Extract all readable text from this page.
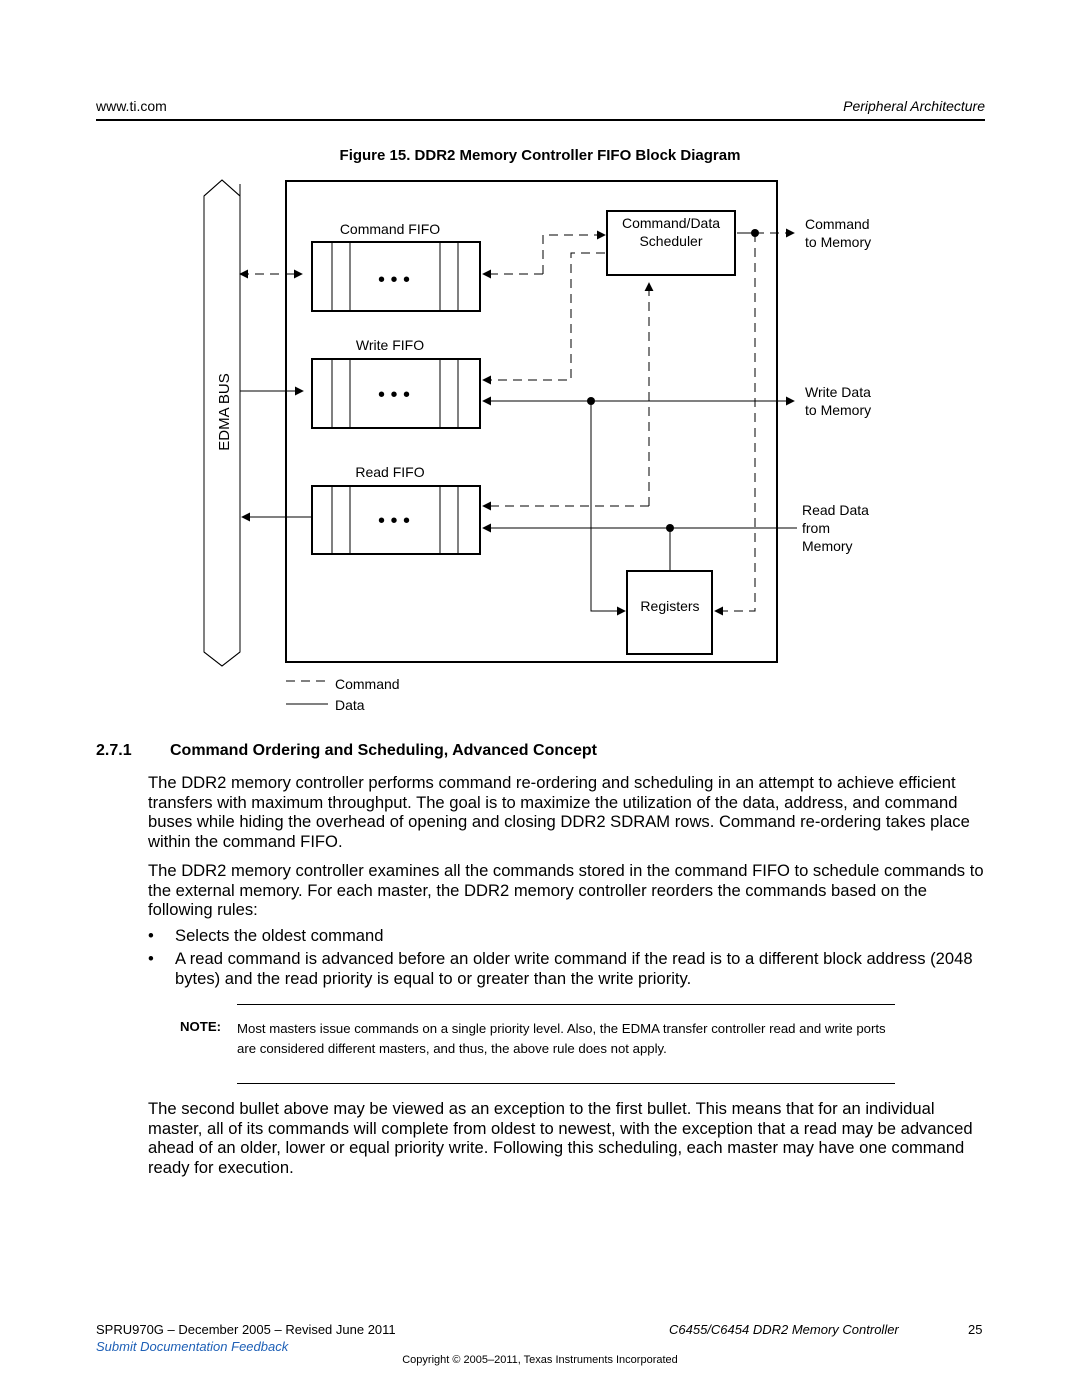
www.ti.com	Peripheral Architecture
Figure 15. DDR2 Memory Controller FIFO Block Diagram
EDMA BUS
Command FIFO
• • •
Write FIFO
• • •
Read FIFO
• • •
Command/Data
Scheduler
Registers
Command
to Memory
Write Data
to Memory
Read Data
from
Memory
Command
Data
2.7.1 Command Ordering and Scheduling, Advanced Concept
The DDR2 memory controller performs command re-ordering and scheduling in an attempt to achieve efficient transfers with maximum throughput. The goal is to maximize the utilization of the data, address, and command buses while hiding the overhead of opening and closing DDR2 SDRAM rows. Command re-ordering takes place within the command FIFO.
The DDR2 memory controller examines all the commands stored in the command FIFO to schedule commands to the external memory. For each master, the DDR2 memory controller reorders the commands based on the following rules:
• Selects the oldest command
• A read command is advanced before an older write command if the read is to a different block address (2048 bytes) and the read priority is equal to or greater than the write priority.
NOTE: Most masters issue commands on a single priority level. Also, the EDMA transfer controller read and write ports are considered different masters, and thus, the above rule does not apply.
The second bullet above may be viewed as an exception to the first bullet. This means that for an individual master, all of its commands will complete from oldest to newest, with the exception that a read may be advanced ahead of an older, lower or equal priority write. Following this scheduling, each master may have one command ready for execution.
SPRU970G – December 2005 – Revised June 2011	C6455/C6454 DDR2 Memory Controller	25
Submit Documentation Feedback
Copyright © 2005–2011, Texas Instruments Incorporated
